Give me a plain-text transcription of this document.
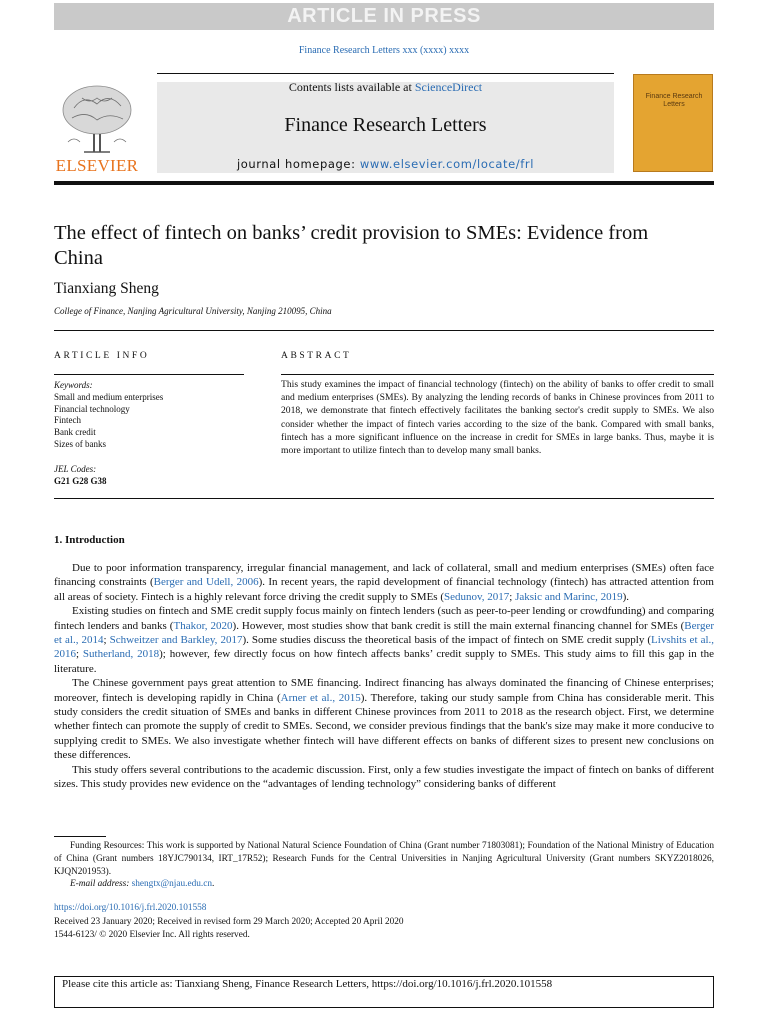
ARTICLE IN PRESS
Finance Research Letters xxx (xxxx) xxxx
Contents lists available at ScienceDirect
Finance Research Letters
journal homepage: www.elsevier.com/locate/frl
ELSEVIER
Finance Research Letters
The effect of fintech on banks’ credit provision to SMEs: Evidence from China
Tianxiang Sheng
College of Finance, Nanjing Agricultural University, Nanjing 210095, China
ARTICLE INFO	ABSTRACT
Keywords:
Small and medium enterprises
Financial technology
Fintech
Bank credit
Sizes of banks
JEL Codes:
G21 G28 G38
This study examines the impact of financial technology (fintech) on the ability of banks to offer credit to small and medium enterprises (SMEs). By analyzing the lending records of banks in Chinese provinces from 2011 to 2018, we demonstrate that fintech effectively facilitates the banking sector's credit supply to SMEs. We also consider whether the impact of fintech varies according to the size of the bank. Compared with small banks, fintech has a more significant influence on the increase in credit for SMEs in large banks. Thus, maybe it is more important to utilize fintech than to develop many small banks.
1. Introduction

Due to poor information transparency, irregular financial management, and lack of collateral, small and medium enterprises (SMEs) often face financing constraints (Berger and Udell, 2006). In recent years, the rapid development of financial technology (fintech) has attracted attention from all areas of society. Fintech is a highly relevant force driving the credit supply to SMEs (Sedunov, 2017; Jaksic and Marinc, 2019).

Existing studies on fintech and SME credit supply focus mainly on fintech lenders (such as peer-to-peer lending or crowdfunding) and comparing fintech lenders and banks (Thakor, 2020). However, most studies show that bank credit is still the main external financing channel for SMEs (Berger et al., 2014; Schweitzer and Barkley, 2017). Some studies discuss the theoretical basis of the impact of fintech on SME credit supply (Livshits et al., 2016; Sutherland, 2018); however, few directly focus on how fintech affects banks’ credit supply to SMEs. This study aims to fill this gap in the literature.

The Chinese government pays great attention to SME financing. Indirect financing has always dominated the financing of Chinese enterprises; moreover, fintech is developing rapidly in China (Arner et al., 2015). Therefore, taking our study sample from China has considerable merit. This study considers the credit situation of SMEs and banks in different Chinese provinces from 2011 to 2018 as the research object. First, we determine whether fintech can promote the supply of credit to SMEs. Second, we consider previous findings that the bank's size may make it more conducive to supplying credit to SMEs. We also investigate whether fintech will have different effects on banks of different sizes to present new conclusions on these differences.

This study offers several contributions to the academic discussion. First, only a few studies investigate the impact of fintech on banks of different sizes. This study provides new evidence on the “advantages of lending technology” considering banks of different

Funding Resources: This work is supported by National Natural Science Foundation of China (Grant number 71803081); Foundation of the National Ministry of Education of China (Grant numbers 18YJC790134, IRT_17R52); Research Funds for the Central Universities in Nanjing Agricultural University (Grant numbers SKYZ2018026, KJQN201953).

E-mail address: shengtx@njau.edu.cn.
https://doi.org/10.1016/j.frl.2020.101558
Received 23 January 2020; Received in revised form 29 March 2020; Accepted 20 April 2020
1544-6123/ © 2020 Elsevier Inc. All rights reserved.
Please cite this article as: Tianxiang Sheng, Finance Research Letters, https://doi.org/10.1016/j.frl.2020.101558
